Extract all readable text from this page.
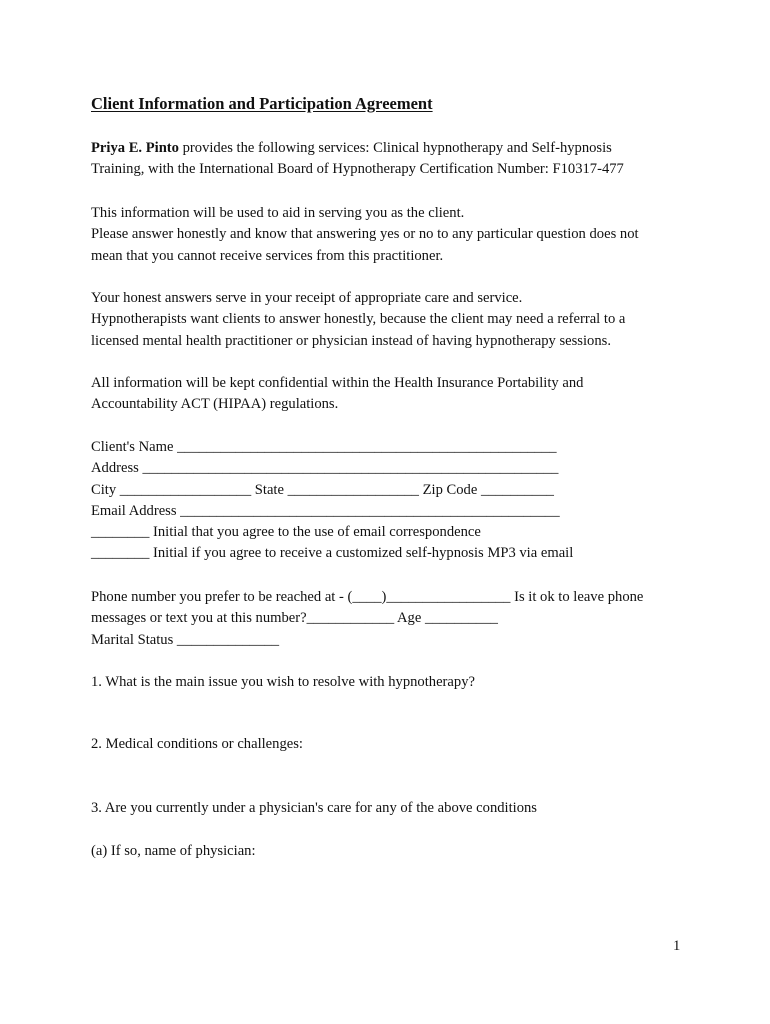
Client Information and Participation Agreement
Priya E. Pinto provides the following services: Clinical hypnotherapy and Self-hypnosis
Training, with the International Board of Hypnotherapy Certification Number: F10317-477
This information will be used to aid in serving you as the client.
Please answer honestly and know that answering yes or no to any particular question does not
mean that you cannot receive services from this practitioner.
Your honest answers serve in your receipt of appropriate care and service.
Hypnotherapists want clients to answer honestly, because the client may need a referral to a
licensed mental health practitioner or physician instead of having hypnotherapy sessions.
All information will be kept confidential within the Health Insurance Portability and
Accountability ACT (HIPAA) regulations.
Client's Name ____________________________________________________
Address _________________________________________________________
City __________________ State __________________ Zip Code __________
Email Address ____________________________________________________
________ Initial that you agree to the use of email correspondence
________ Initial if you agree to receive a customized self-hypnosis MP3 via email
Phone number you prefer to be reached at - (____)_________________ Is it ok to leave phone
messages or text you at this number?____________ Age __________
Marital Status ______________
1. What is the main issue you wish to resolve with hypnotherapy?
2. Medical conditions or challenges:
3. Are you currently under a physician's care for any of the above conditions
(a) If so, name of physician:
1
